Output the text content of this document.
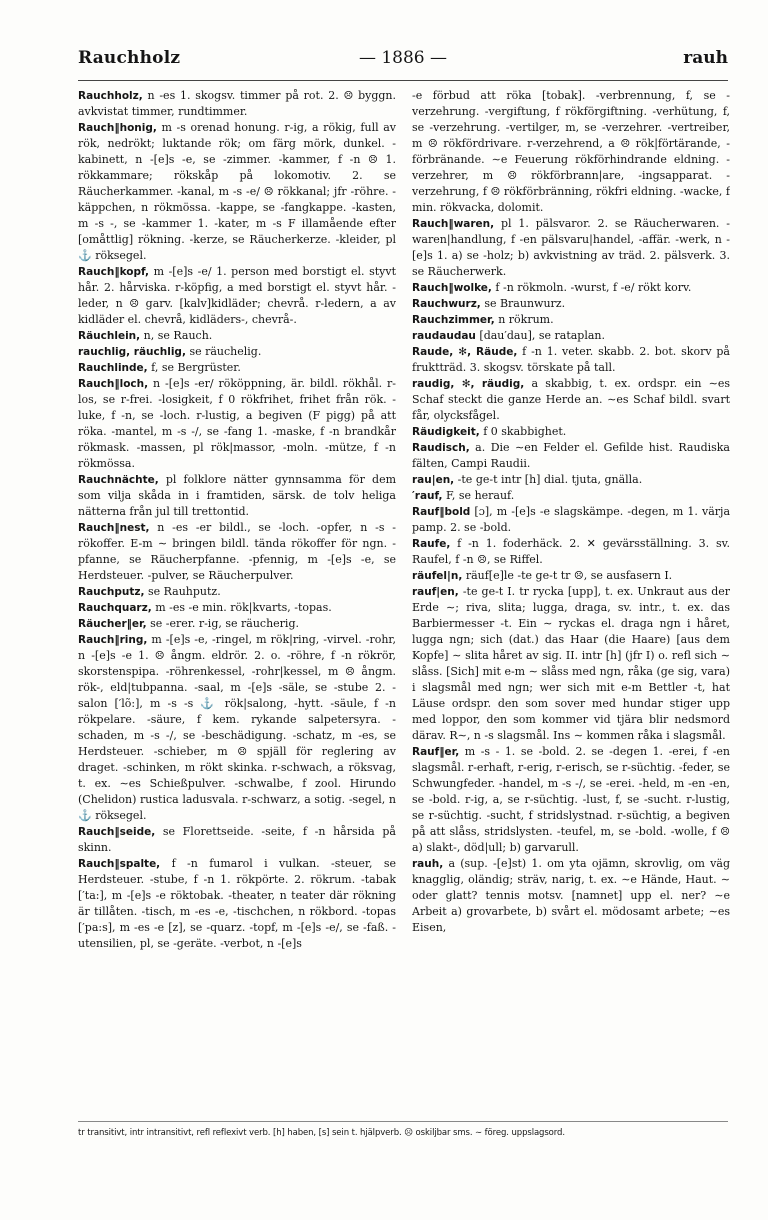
Rauchholz	— 1886 —	rauh

Rauchholz, n -es 1. skogsv. timmer på rot. 2. ☹ byggn. avkvistat timmer, rundtimmer.

Rauch‖honig, m -s orenad honung. r-ig, a rökig, full av rök, nedrökt; luktande rök; om färg mörk, dunkel. -kabinett, n -[e]s -e, se -zimmer. -kammer, f -n ☹ 1. rökkammare; rökskåp på lokomotiv. 2. se Räucherkammer. -kanal, m -s -e/ ☹ rökkanal; jfr -röhre. -käppchen, n rökmössa. -kappe, se -fangkappe. -kasten, m -s -, se -kammer 1. -kater, m -s F illamående efter [omåttlig] rökning. -kerze, se Räucherkerze. -kleider, pl ⚓ röksegel.

Rauch‖kopf, m -[e]s -e/ 1. person med borstigt el. styvt hår. 2. hårviska. r-köpfig, a med borstigt el. styvt hår. -leder, n ☹ garv. [kalv]kidläder; chevrå. r-ledern, a av kidläder el. chevrå, kidläders-, chevrå-.

Räuchlein, n, se Rauch.

rauchlig, räuchlig, se räuchelig.

Rauchlinde, f, se Bergrüster.

Rauch‖loch, n -[e]s -er/ rököppning, är. bildl. rökhål. r-los, se r-frei. -losigkeit, f 0 rökfrihet, frihet från rök. -luke, f -n, se -loch. r-lustig, a begiven (F pigg) på att röka. -mantel, m -s -/, se -fang 1. -maske, f -n brandkår rökmask. -massen, pl rök|massor, -moln. -mütze, f -n rökmössa.

Rauchnächte, pl folklore nätter gynnsamma för dem som vilja skåda in i framtiden, särsk. de tolv heliga nätterna från jul till trettontid.

Rauch‖nest, n -es -er bildl., se -loch. -opfer, n -s - rökoffer. E-m ∼ bringen bildl. tända rökoffer för ngn. -pfanne, se Räucherpfanne. -pfennig, m -[e]s -e, se Herdsteuer. -pulver, se Räucherpulver.

Rauchputz, se Rauhputz.

Rauchquarz, m -es -e min. rök|kvarts, -topas.

Räucher‖er, se -erer. r-ig, se räucherig.

Rauch‖ring, m -[e]s -e, -ringel, m rök|ring, -virvel. -rohr, n -[e]s -e 1. ☹ ångm. eldrör. 2. o. -röhre, f -n rökrör, skorstenspipa. -röhrenkessel, -rohr|kessel, m ☹ ångm. rök-, eld|tubpanna. -saal, m -[e]s -säle, se -stube 2. -salon [′lõ:], m -s -s ⚓ rök|salong, -hytt. -säule, f -n rökpelare. -säure, f kem. rykande salpetersyra. -schaden, m -s -/, se -beschädigung. -schatz, m -es, se Herdsteuer. -schieber, m ☹ spjäll för reglering av draget. -schinken, m rökt skinka. r-schwach, a röksvag, t. ex. ∼es Schießpulver. -schwalbe, f zool. Hirundo (Chelidon) rustica ladusvala. r-schwarz, a sotig. -segel, n ⚓ röksegel.

Rauch‖seide, se Florettseide. -seite, f -n hårsida på skinn.

Rauch‖spalte, f -n fumarol i vulkan. -steuer, se Herdsteuer. -stube, f -n 1. rökpörte. 2. rökrum. -tabak [′ta:], m -[e]s -e röktobak. -theater, n teater där rökning är tillåten. -tisch, m -es -e, -tischchen, n rökbord. -topas [′pa:s], m -es -e [z], se -quarz. -topf, m -[e]s -e/, se -faß. -utensilien, pl, se -geräte. -verbot, n -[e]s

-e förbud att röka [tobak]. -verbrennung, f, se -verzehrung. -vergiftung, f rökförgiftning. -verhütung, f, se -verzehrung. -vertilger, m, se -verzehrer. -vertreiber, m ☹ rökfördrivare. r-verzehrend, a ☹ rök|förtärande, -förbränande. ∼e Feuerung rökförhindrande eldning. -verzehrer, m ☹ rökförbrann|are, -ingsapparat. -verzehrung, f ☹ rökförbränning, rökfri eldning. -wacke, f min. rökvacka, dolomit.

Rauch‖waren, pl 1. pälsvaror. 2. se Räucherwaren. -waren|handlung, f -en pälsvaru|handel, -affär. -werk, n -[e]s 1. a) se -holz; b) avkvistning av träd. 2. pälsverk. 3. se Räucherwerk.

Rauch‖wolke, f -n rökmoln. -wurst, f -e/ rökt korv.

Rauchwurz, se Braunwurz.

Rauchzimmer, n rökrum.

raudaudau [dau′dau], se rataplan.

Raude, ✻, Räude, f -n 1. veter. skabb. 2. bot. skorv på fruktträd. 3. skogsv. törskate på tall.

raudig, ✻, räudig, a skabbig, t. ex. ordspr. ein ∼es Schaf steckt die ganze Herde an. ∼es Schaf bildl. svart får, olycksfågel.

Räudigkeit, f 0 skabbighet.

Raudisch, a. Die ∼en Felder el. Gefilde hist. Raudiska fälten, Campi Raudii.

rau|en, -te ge-t intr [h] dial. tjuta, gnälla.

′rauf, F, se herauf.

Rauf‖bold [ɔ], m -[e]s -e slagskämpe. -degen, m 1. värja pamp. 2. se -bold.

Raufe, f -n 1. foderhäck. 2. ✕ gevärsställning. 3. sv. Raufel, f -n ☹, se Riffel.

räufel|n, räuf[e]le -te ge-t tr ☹, se ausfasern I.

rauf|en, -te ge-t I. tr rycka [upp], t. ex. Unkraut aus der Erde ∼; riva, slita; lugga, draga, sv. intr., t. ex. das Barbiermesser -t. Ein ∼ ryckas el. draga ngn i håret, lugga ngn; sich (dat.) das Haar (die Haare) [aus dem Kopfe] ∼ slita håret av sig. II. intr [h] (jfr I) o. refl sich ∼ slåss. [Sich] mit e-m ∼ slåss med ngn, råka (ge sig, vara) i slagsmål med ngn; wer sich mit e-m Bettler -t, hat Läuse ordspr. den som sover med hundar stiger upp med loppor, den som kommer vid tjära blir nedsmord därav. R∼, n -s slagsmål. Ins ∼ kommen råka i slagsmål.

Rauf‖er, m -s - 1. se -bold. 2. se -degen 1. -erei, f -en slagsmål. r-erhaft, r-erig, r-erisch, se r-süchtig. -feder, se Schwungfeder. -handel, m -s -/, se -erei. -held, m -en -en, se -bold. r-ig, a, se r-süchtig. -lust, f, se -sucht. r-lustig, se r-süchtig. -sucht, f stridslystnad. r-süchtig, a begiven på att slåss, stridslysten. -teufel, m, se -bold. -wolle, f ☹ a) slakt-, död|ull; b) garvarull.

rauh, a (sup. -[e]st) 1. om yta ojämn, skrovlig, om väg knagglig, oländig; sträv, narig, t. ex. ∼e Hände, Haut. ∼ oder glatt? tennis motsv. [namnet] upp el. ner? ∼e Arbeit a) grovarbete, b) svårt el. mödosamt arbete; ∼es Eisen,

tr transitivt, intr intransitivt, refl reflexivt verb. [h] haben, [s] sein t. hjälpverb. ☹ oskiljbar sms. ∼ föreg. uppslagsord.
